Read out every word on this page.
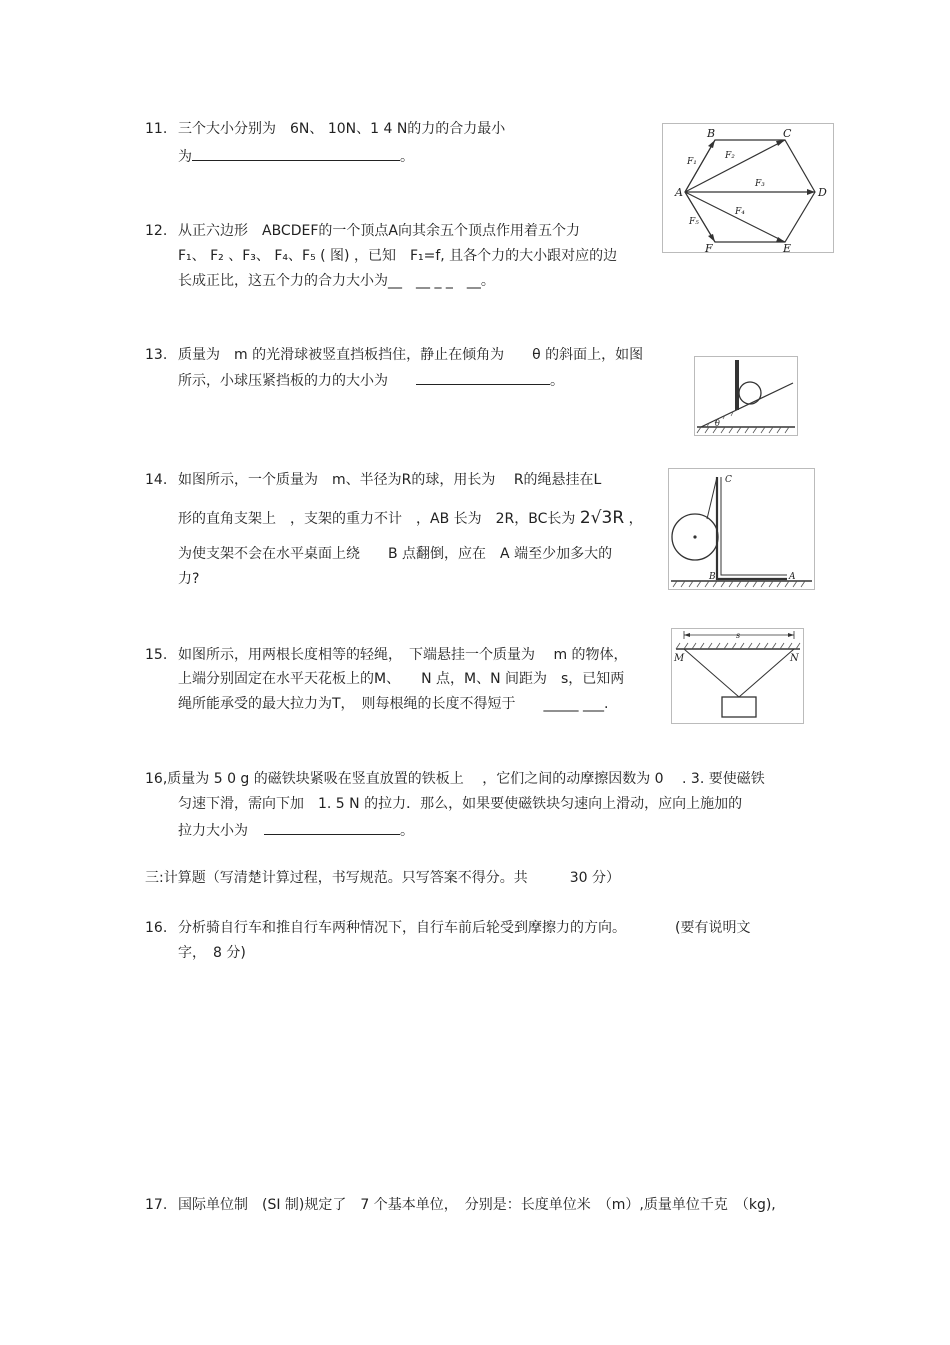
11. 三个大小分别为　6N、 10N、1 4 N的力的合力最小
为	。
A
B	C
D
E
F
F₁
F₂
F₃
F₄
F₅
12. 从正六边形　ABCDEF的一个顶点A向其余五个顶点作用着五个力
F₁、 F₂ 、F₃、 F₄、F₅ ( 图) ，已知　F₁=f, 且各个力的大小跟对应的边
长成正比，这五个力的合力大小为__　__ _ _　__。
13. 质量为　m 的光滑球被竖直挡板挡住，静止在倾角为　　θ 的斜面上，如图
所示，小球压紧挡板的力的大小为	。
θ
14. 如图所示，一个质量为　m、半径为R的球，用长为　 R的绳悬挂在L
形的直角支架上　，支架的重力不计　，AB 长为　2R，BC长为 2√3R ，
为使支架不会在水平桌面上绕　　B 点翻倒，应在　A 端至少加多大的
力?
C
B	A
15. 如图所示，用两根长度相等的轻绳，　下端悬挂一个质量为　 m 的物体，
上端分别固定在水平天花板上的M、　　N 点，M、N 间距为　s，已知两
绳所能承受的最大拉力为T，　则每根绳的长度不得短于　　_____ ___.
s
M	N
16,质量为 5 0 g 的磁铁块紧吸在竖直放置的铁板上　 ，它们之间的动摩擦因数为 0　 . 3. 要使磁铁
匀速下滑，需向下加　1. 5 N 的拉力．那么，如果要使磁铁块匀速向上滑动，应向上施加的
拉力大小为	。
三:计算题（写清楚计算过程，书写规范。只写答案不得分。共　　　30 分）
16. 分析骑自行车和推自行车两种情况下，自行车前后轮受到摩擦力的方向。　　　　(要有说明文
字，　8 分)
17. 国际单位制　(SI 制)规定了　7 个基本单位，　分别是：长度单位米　（m）,质量单位千克　（kg),
